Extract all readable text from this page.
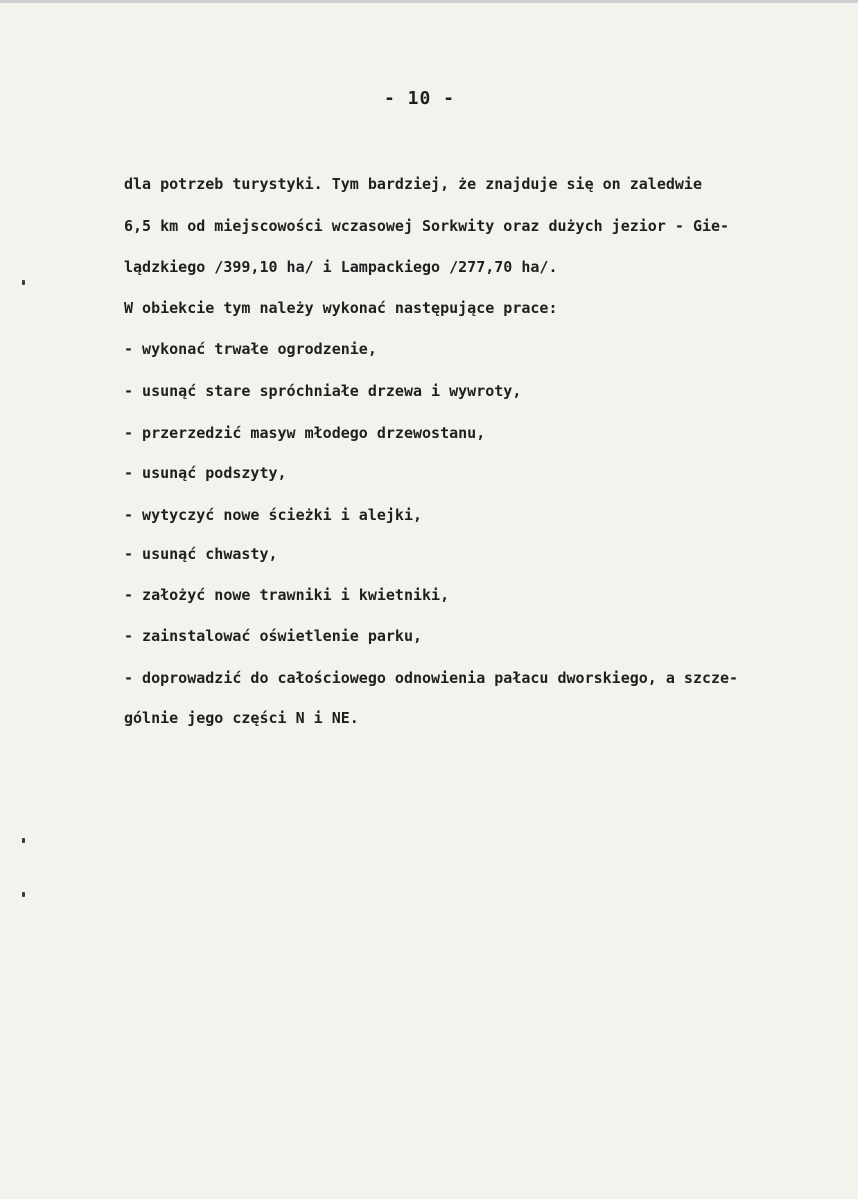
- 10 -
dla potrzeb turystyki. Tym bardziej, że znajduje się on zaledwie
6,5 km od miejscowości wczasowej Sorkwity oraz dużych jezior - Gie-
lądzkiego /399,10 ha/ i Lampackiego /277,70 ha/.
W obiekcie tym należy wykonać następujące prace:
- wykonać trwałe ogrodzenie,
- usunąć stare spróchniałe drzewa i wywroty,
- przerzedzić masyw młodego drzewostanu,
- usunąć podszyty,
- wytyczyć nowe ścieżki i alejki,
- usunąć chwasty,
- założyć nowe trawniki i kwietniki,
- zainstalować oświetlenie parku,
- doprowadzić do całościowego odnowienia pałacu dworskiego, a szcze-
gólnie jego części N i NE.
